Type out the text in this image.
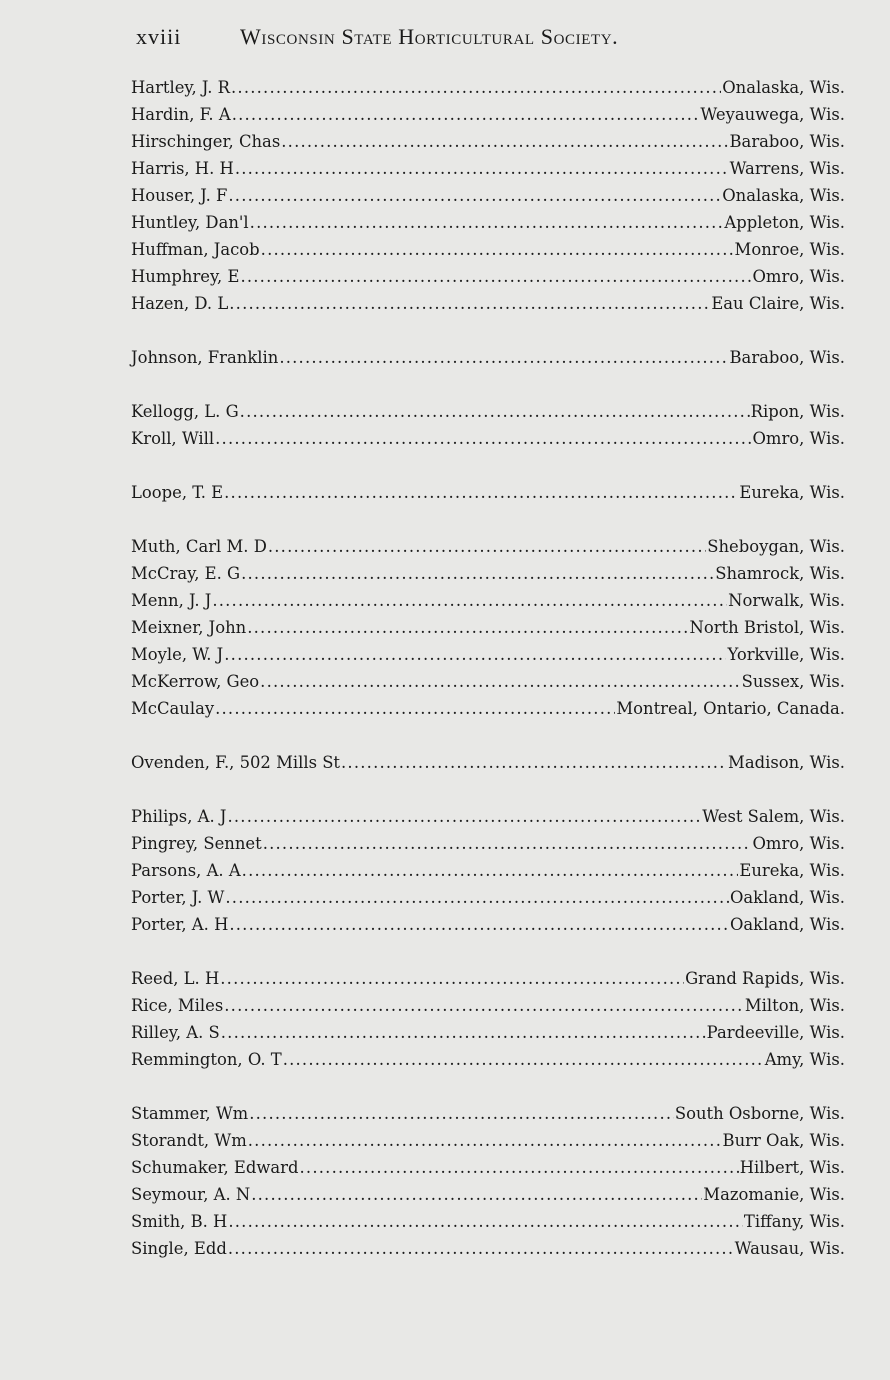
xviii	Wisconsin State Horticultural Society.
Hartley, J. R .....	Onalaska, Wis.
Hardin, F. A .....	Weyauwega, Wis.
Hirschinger, Chas .....	Baraboo, Wis.
Harris, H. H .....	Warrens, Wis.
Houser, J. F .....	Onalaska, Wis.
Huntley, Dan'l .....	Appleton, Wis.
Huffman, Jacob .....	Monroe, Wis.
Humphrey, E .....	Omro, Wis.
Hazen, D. L .....	Eau Claire, Wis.
Johnson, Franklin .....	Baraboo, Wis.
Kellogg, L. G .....	Ripon, Wis.
Kroll, Will .....	Omro, Wis.
Loope, T. E .....	Eureka, Wis.
Muth, Carl M. D .....	Sheboygan, Wis.
McCray, E. G .....	Shamrock, Wis.
Menn, J. J .....	Norwalk, Wis.
Meixner, John .....	North Bristol, Wis.
Moyle, W. J .....	Yorkville, Wis.
McKerrow, Geo .....	Sussex, Wis.
McCaulay .....	Montreal, Ontario, Canada.
Ovenden, F., 502 Mills St .....	Madison, Wis.
Philips, A. J .....	West Salem, Wis.
Pingrey, Sennet .....	Omro, Wis.
Parsons, A. A .....	Eureka, Wis.
Porter, J. W .....	Oakland, Wis.
Porter, A. H .....	Oakland, Wis.
Reed, L. H .....	Grand Rapids, Wis.
Rice, Miles .....	Milton, Wis.
Rilley, A. S .....	Pardeeville, Wis.
Remmington, O. T .....	Amy, Wis.
Stammer, Wm .....	South Osborne, Wis.
Storandt, Wm .....	Burr Oak, Wis.
Schumaker, Edward .....	Hilbert, Wis.
Seymour, A. N .....	Mazomanie, Wis.
Smith, B. H .....	Tiffany, Wis.
Single, Edd .....	Wausau, Wis.
